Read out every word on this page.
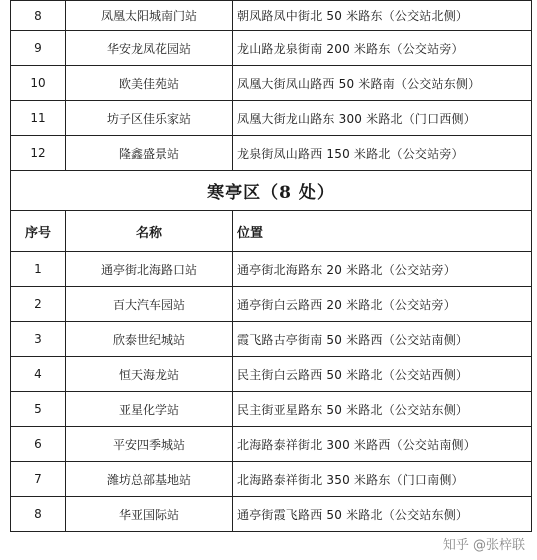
8	凤凰太阳城南门站	朝凤路凤中街北 50 米路东（公交站北侧）
9	华安龙凤花园站	龙山路龙泉街南 200 米路东（公交站旁）
10	欧美佳苑站	凤凰大街凤山路西 50 米路南（公交站东侧）
11	坊子区佳乐家站	凤凰大街龙山路东 300 米路北（门口西侧）
12	隆鑫盛景站	龙泉街凤山路西 150 米路北（公交站旁）
寒亭区（8 处）		
序号	名称	位置
1	通亭街北海路口站	通亭街北海路东 20 米路北（公交站旁）
2	百大汽车园站	通亭街白云路西 20 米路北（公交站旁）
3	欣泰世纪城站	霞飞路古亭街南 50 米路西（公交站南侧）
4	恒天海龙站	民主街白云路西 50 米路北（公交站西侧）
5	亚星化学站	民主街亚星路东 50 米路北（公交站东侧）
6	平安四季城站	北海路泰祥街北 300 米路西（公交站南侧）
7	潍坊总部基地站	北海路泰祥街北 350 米路东（门口南侧）
8	华亚国际站	通亭街霞飞路西 50 米路北（公交站东侧）
知乎 @张梓联
